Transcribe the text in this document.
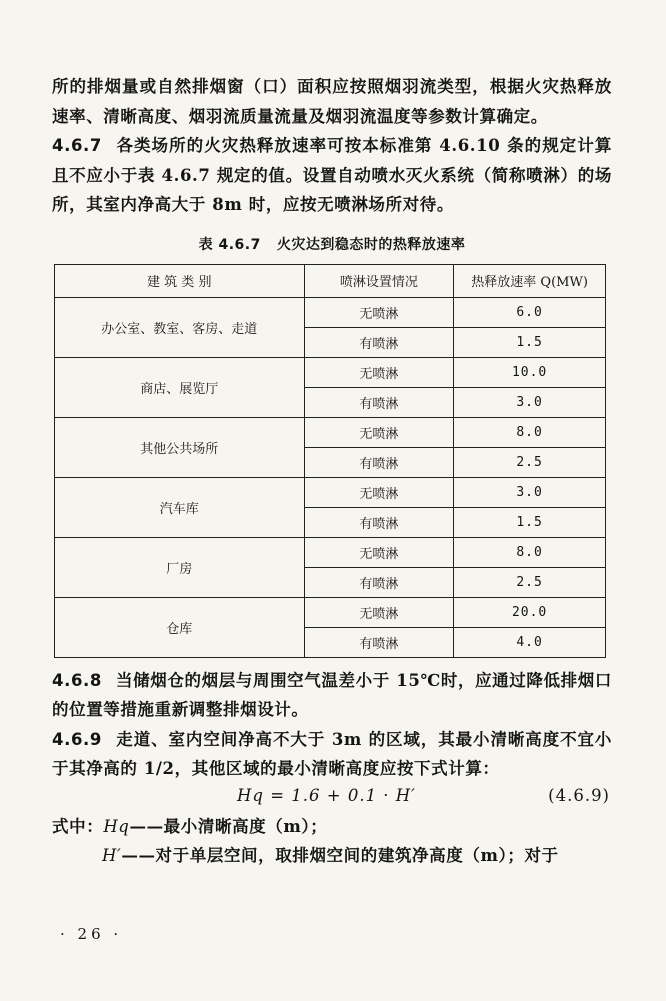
所的排烟量或自然排烟窗（口）面积应按照烟羽流类型，根据火灾热释放速率、清晰高度、烟羽流质量流量及烟羽流温度等参数计算确定。

4.6.7 各类场所的火灾热释放速率可按本标准第 4.6.10 条的规定计算且不应小于表 4.6.7 规定的值。设置自动喷水灭火系统（简称喷淋）的场所，其室内净高大于 8m 时，应按无喷淋场所对待。

表 4.6.7 火灾达到稳态时的热释放速率
建 筑 类 别	喷淋设置情况	热释放速率 Q(MW)
办公室、教室、客房、走道	无喷淋	6.0
	有喷淋	1.5
商店、展览厅	无喷淋	10.0
	有喷淋	3.0
其他公共场所	无喷淋	8.0
	有喷淋	2.5
汽车库	无喷淋	3.0
	有喷淋	1.5
厂房	无喷淋	8.0
	有喷淋	2.5
仓库	无喷淋	20.0
	有喷淋	4.0

4.6.8 当储烟仓的烟层与周围空气温差小于 15℃时，应通过降低排烟口的位置等措施重新调整排烟设计。

4.6.9 走道、室内空间净高不大于 3m 的区域，其最小清晰高度不宜小于其净高的 1/2，其他区域的最小清晰高度应按下式计算：

Hq = 1.6 + 0.1 · H′	(4.6.9)

式中：Hq——最小清晰高度（m）；

H′——对于单层空间，取排烟空间的建筑净高度（m）；对于

· 26 ·
